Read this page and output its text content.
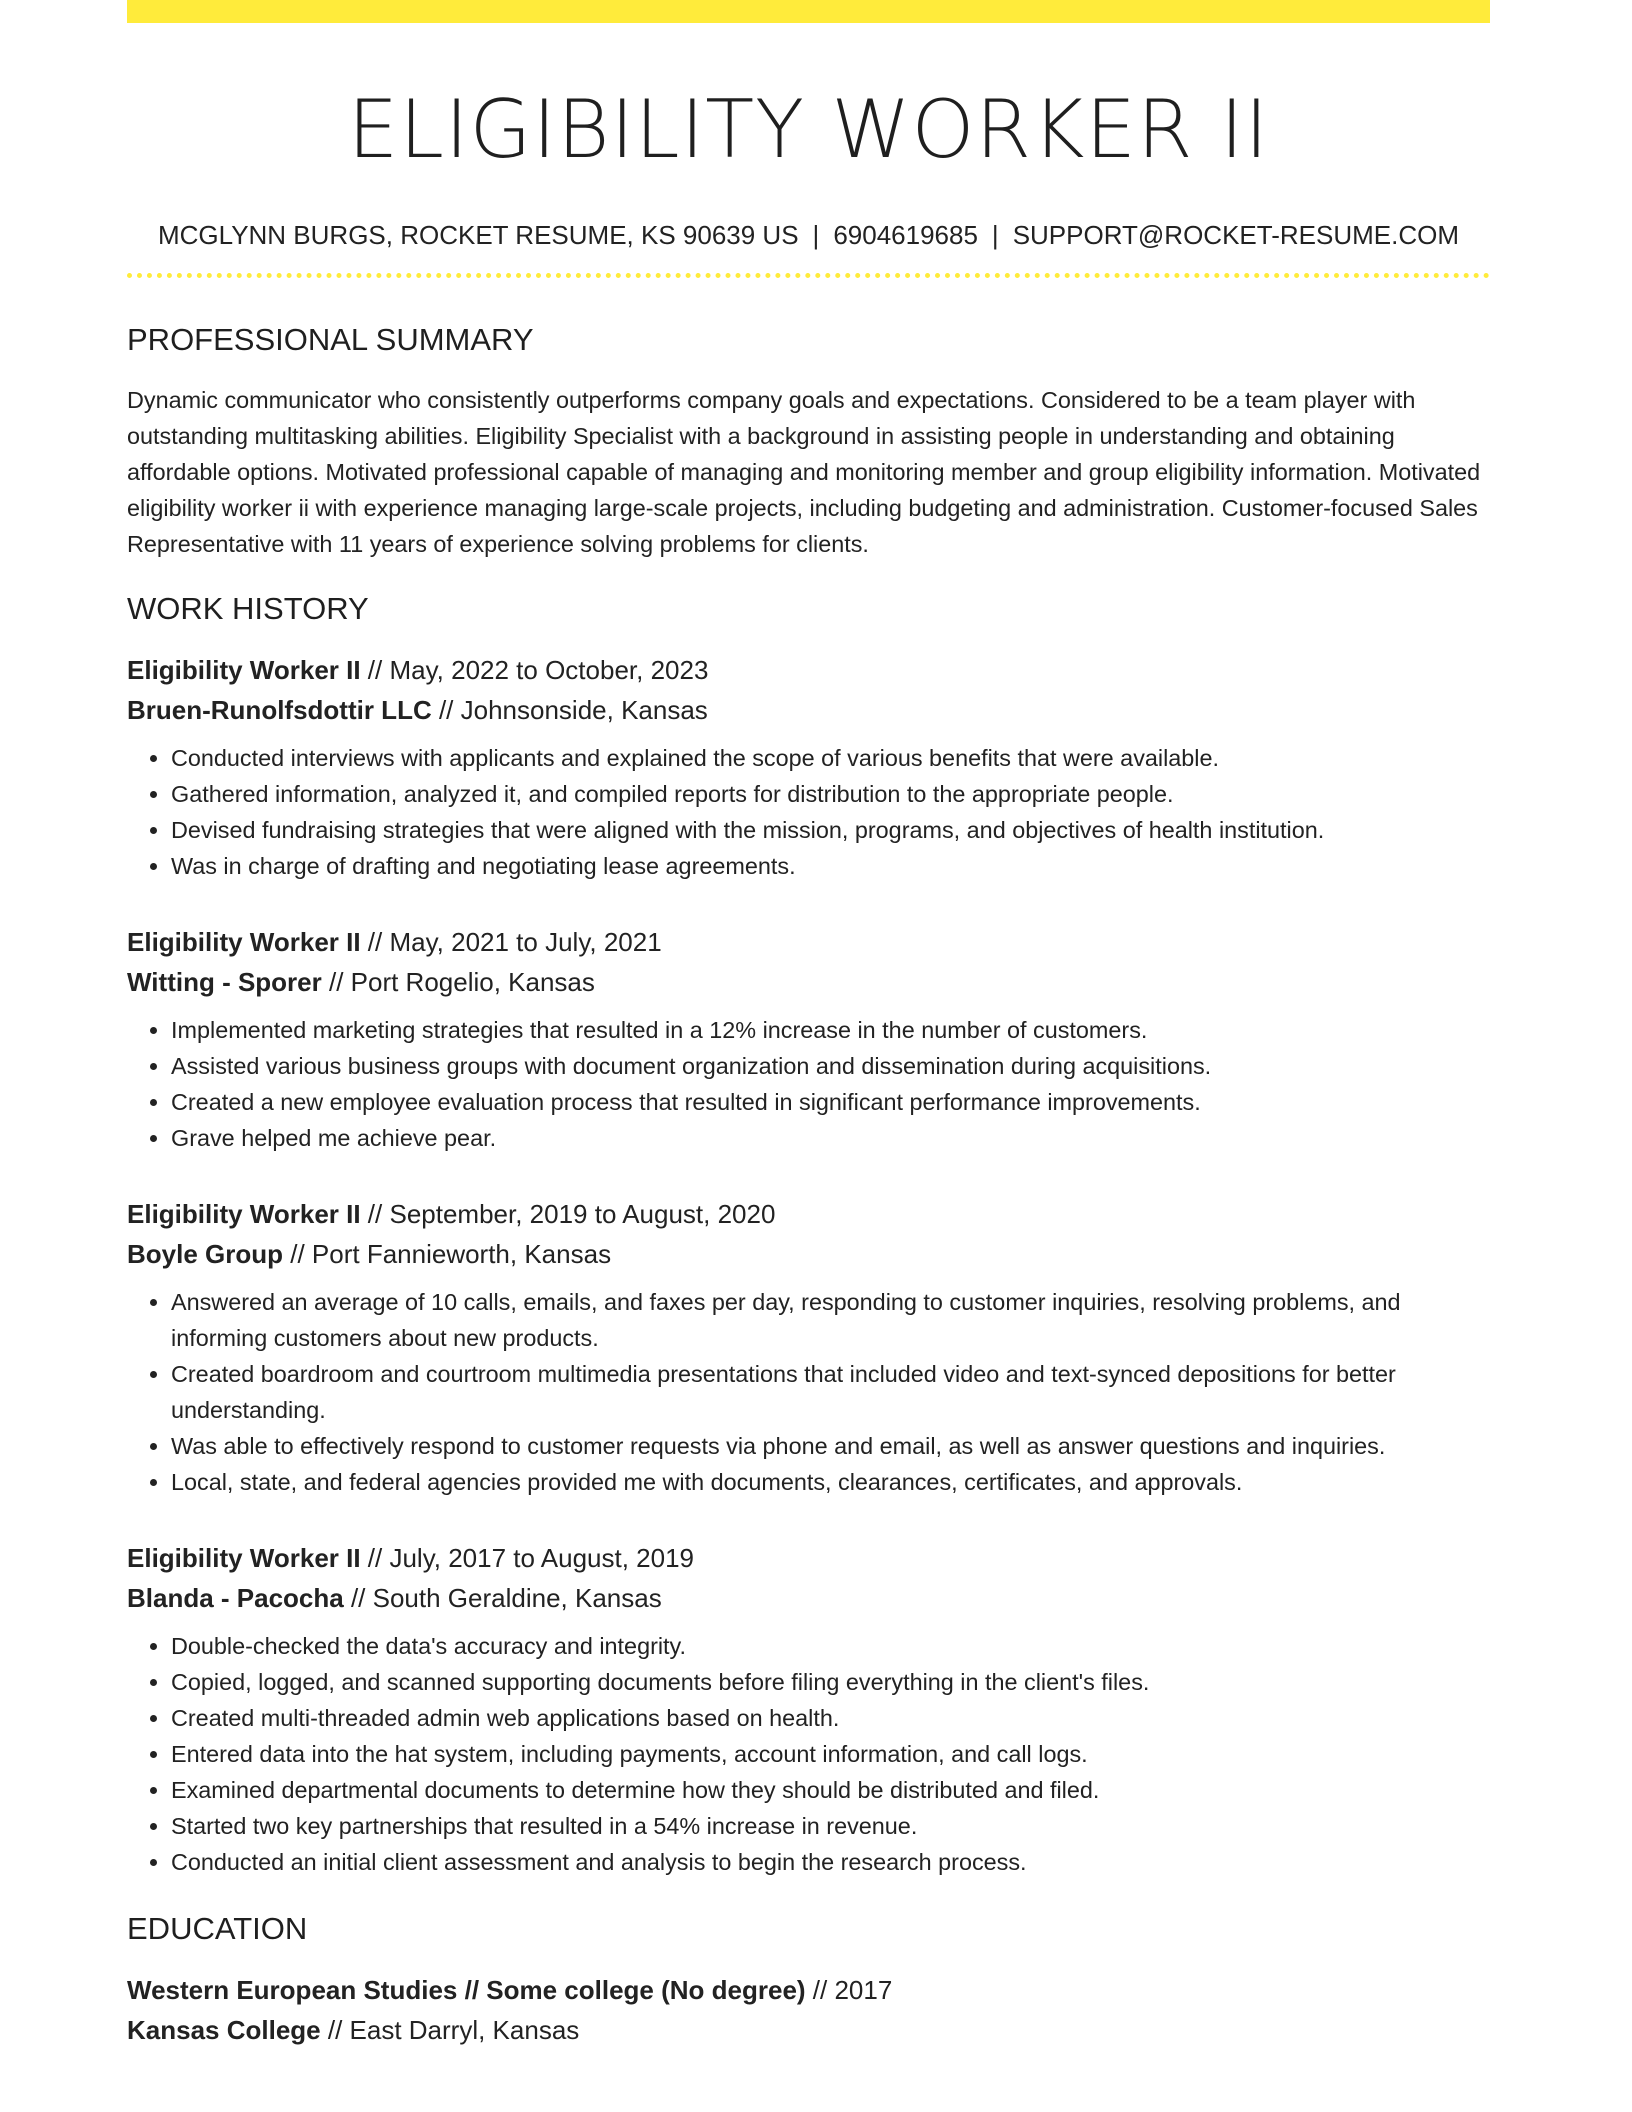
ELIGIBILITY WORKER II
MCGLYNN BURGS, ROCKET RESUME, KS 90639 US | 6904619685 | SUPPORT@ROCKET-RESUME.COM
PROFESSIONAL SUMMARY
Dynamic communicator who consistently outperforms company goals and expectations. Considered to be a team player with outstanding multitasking abilities. Eligibility Specialist with a background in assisting people in understanding and obtaining affordable options. Motivated professional capable of managing and monitoring member and group eligibility information. Motivated eligibility worker ii with experience managing large-scale projects, including budgeting and administration. Customer-focused Sales Representative with 11 years of experience solving problems for clients.
WORK HISTORY
Eligibility Worker II // May, 2022 to October, 2023
Bruen-Runolfsdottir LLC // Johnsonside, Kansas
• Conducted interviews with applicants and explained the scope of various benefits that were available.
• Gathered information, analyzed it, and compiled reports for distribution to the appropriate people.
• Devised fundraising strategies that were aligned with the mission, programs, and objectives of health institution.
• Was in charge of drafting and negotiating lease agreements.
Eligibility Worker II // May, 2021 to July, 2021
Witting - Sporer // Port Rogelio, Kansas
• Implemented marketing strategies that resulted in a 12% increase in the number of customers.
• Assisted various business groups with document organization and dissemination during acquisitions.
• Created a new employee evaluation process that resulted in significant performance improvements.
• Grave helped me achieve pear.
Eligibility Worker II // September, 2019 to August, 2020
Boyle Group // Port Fannieworth, Kansas
• Answered an average of 10 calls, emails, and faxes per day, responding to customer inquiries, resolving problems, and informing customers about new products.
• Created boardroom and courtroom multimedia presentations that included video and text-synced depositions for better understanding.
• Was able to effectively respond to customer requests via phone and email, as well as answer questions and inquiries.
• Local, state, and federal agencies provided me with documents, clearances, certificates, and approvals.
Eligibility Worker II // July, 2017 to August, 2019
Blanda - Pacocha // South Geraldine, Kansas
• Double-checked the data's accuracy and integrity.
• Copied, logged, and scanned supporting documents before filing everything in the client's files.
• Created multi-threaded admin web applications based on health.
• Entered data into the hat system, including payments, account information, and call logs.
• Examined departmental documents to determine how they should be distributed and filed.
• Started two key partnerships that resulted in a 54% increase in revenue.
• Conducted an initial client assessment and analysis to begin the research process.
EDUCATION
Western European Studies // Some college (No degree) // 2017
Kansas College // East Darryl, Kansas
